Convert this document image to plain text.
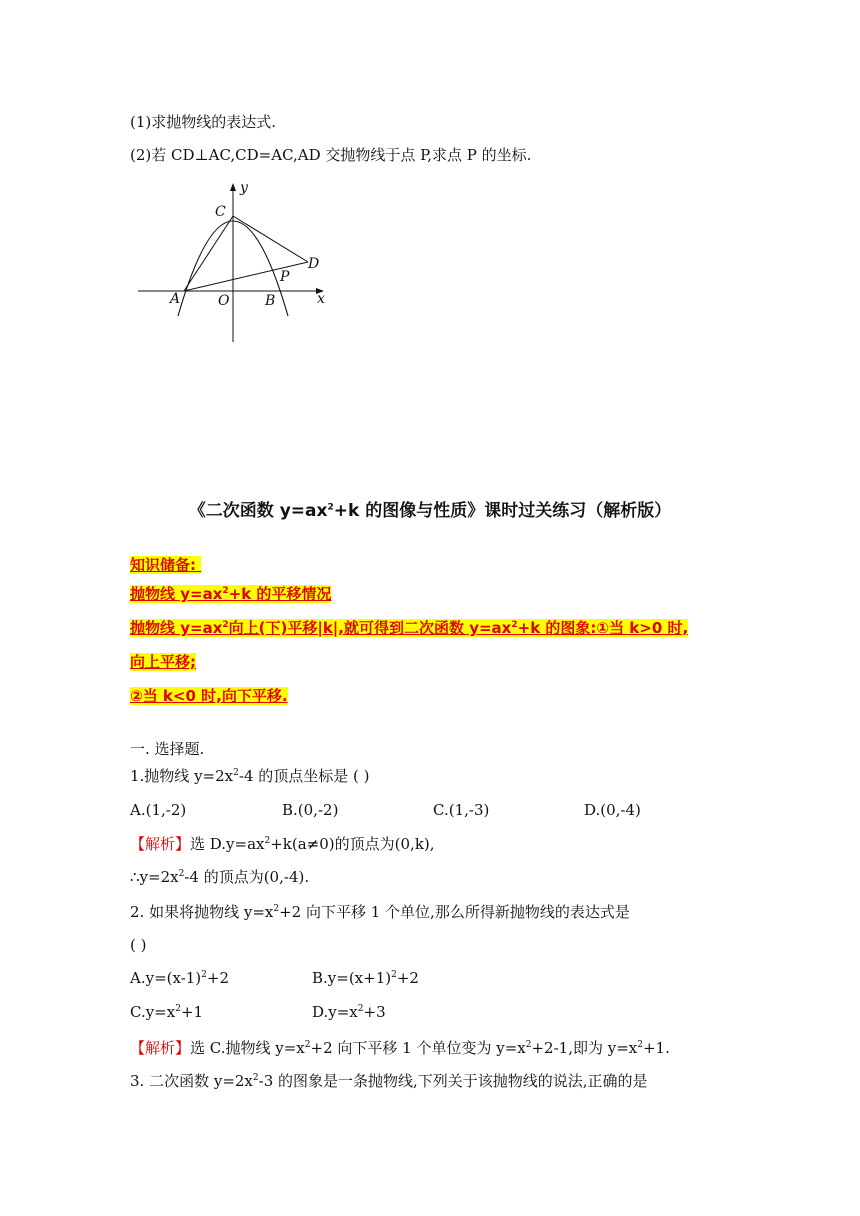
(1)求抛物线的表达式.
(2)若 CD⊥AC,CD=AC,AD 交抛物线于点 P,求点 P 的坐标.
y
C
D
P
x
A	O	B
《二次函数 $y=ax^2+k$ 的图像与性质》课时过关练习（解析版）
知识储备:
抛物线 $y=ax^2+k$ 的平移情况
抛物线 $y=ax^2$向上(下)平移|k|,就可得到二次函数 $y=ax^2+k$ 的图象:①当 k>0 时,
向上平移;
②当 k<0 时,向下平移.
一. 选择题.
1.抛物线 $y=2x^2-4$ 的顶点坐标是 ( )
A.(1,-2)	B.(0,-2)	C.(1,-3)	D.(0,-4)
【解析】选 $D.y=ax^2+k(a\ne 0)$的顶点为(0,k),
$\therefore y=2x^2-4$ 的顶点为(0,-4).
2. 如果将抛物线 $y=x^2+2$ 向下平移 1 个单位,那么所得新抛物线的表达式是
( )
$A.y=(x-1)^2+2$	$B.y=(x+1)^2+2$
$C.y=x^2+1$	$D.y=x^2+3$
【解析】选 C.抛物线 $y=x^2+2$ 向下平移 1 个单位变为 $y=x^2+2-1$,即为 $y=x^2+1$.
3. 二次函数 $y=2x^2-3$ 的图象是一条抛物线,下列关于该抛物线的说法,正确的是
